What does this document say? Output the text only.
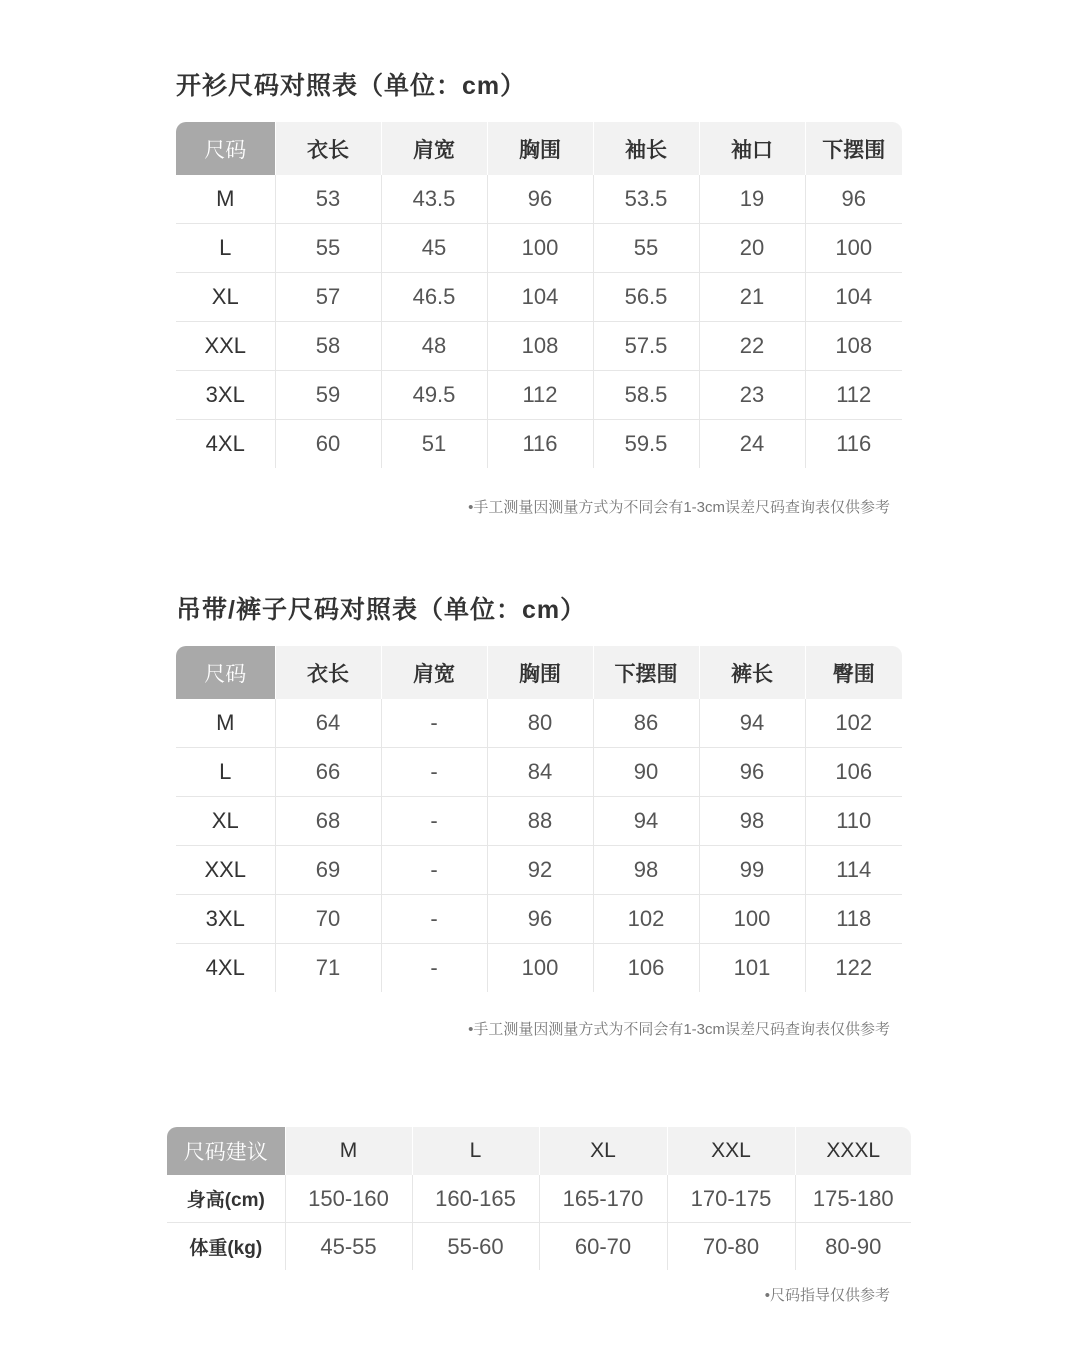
开衫尺码对照表（单位：cm）
尺码	衣长	肩宽	胸围	袖长	袖口	下摆围
M	53	43.5	96	53.5	19	96
L	55	45	100	55	20	100
XL	57	46.5	104	56.5	21	104
XXL	58	48	108	57.5	22	108
3XL	59	49.5	112	58.5	23	112
4XL	60	51	116	59.5	24	116

•手工测量因测量方式为不同会有1-3cm误差尺码查询表仅供参考

吊带/裤子尺码对照表（单位：cm）
尺码	衣长	肩宽	胸围	下摆围	裤长	臀围
M	64	-	80	86	94	102
L	66	-	84	90	96	106
XL	68	-	88	94	98	110
XXL	69	-	92	98	99	114
3XL	70	-	96	102	100	118
4XL	71	-	100	106	101	122

•手工测量因测量方式为不同会有1-3cm误差尺码查询表仅供参考

尺码建议	M	L	XL	XXL	XXXL
身高(cm)	150-160	160-165	165-170	170-175	175-180
体重(kg)	45-55	55-60	60-70	70-80	80-90

•尺码指导仅供参考
